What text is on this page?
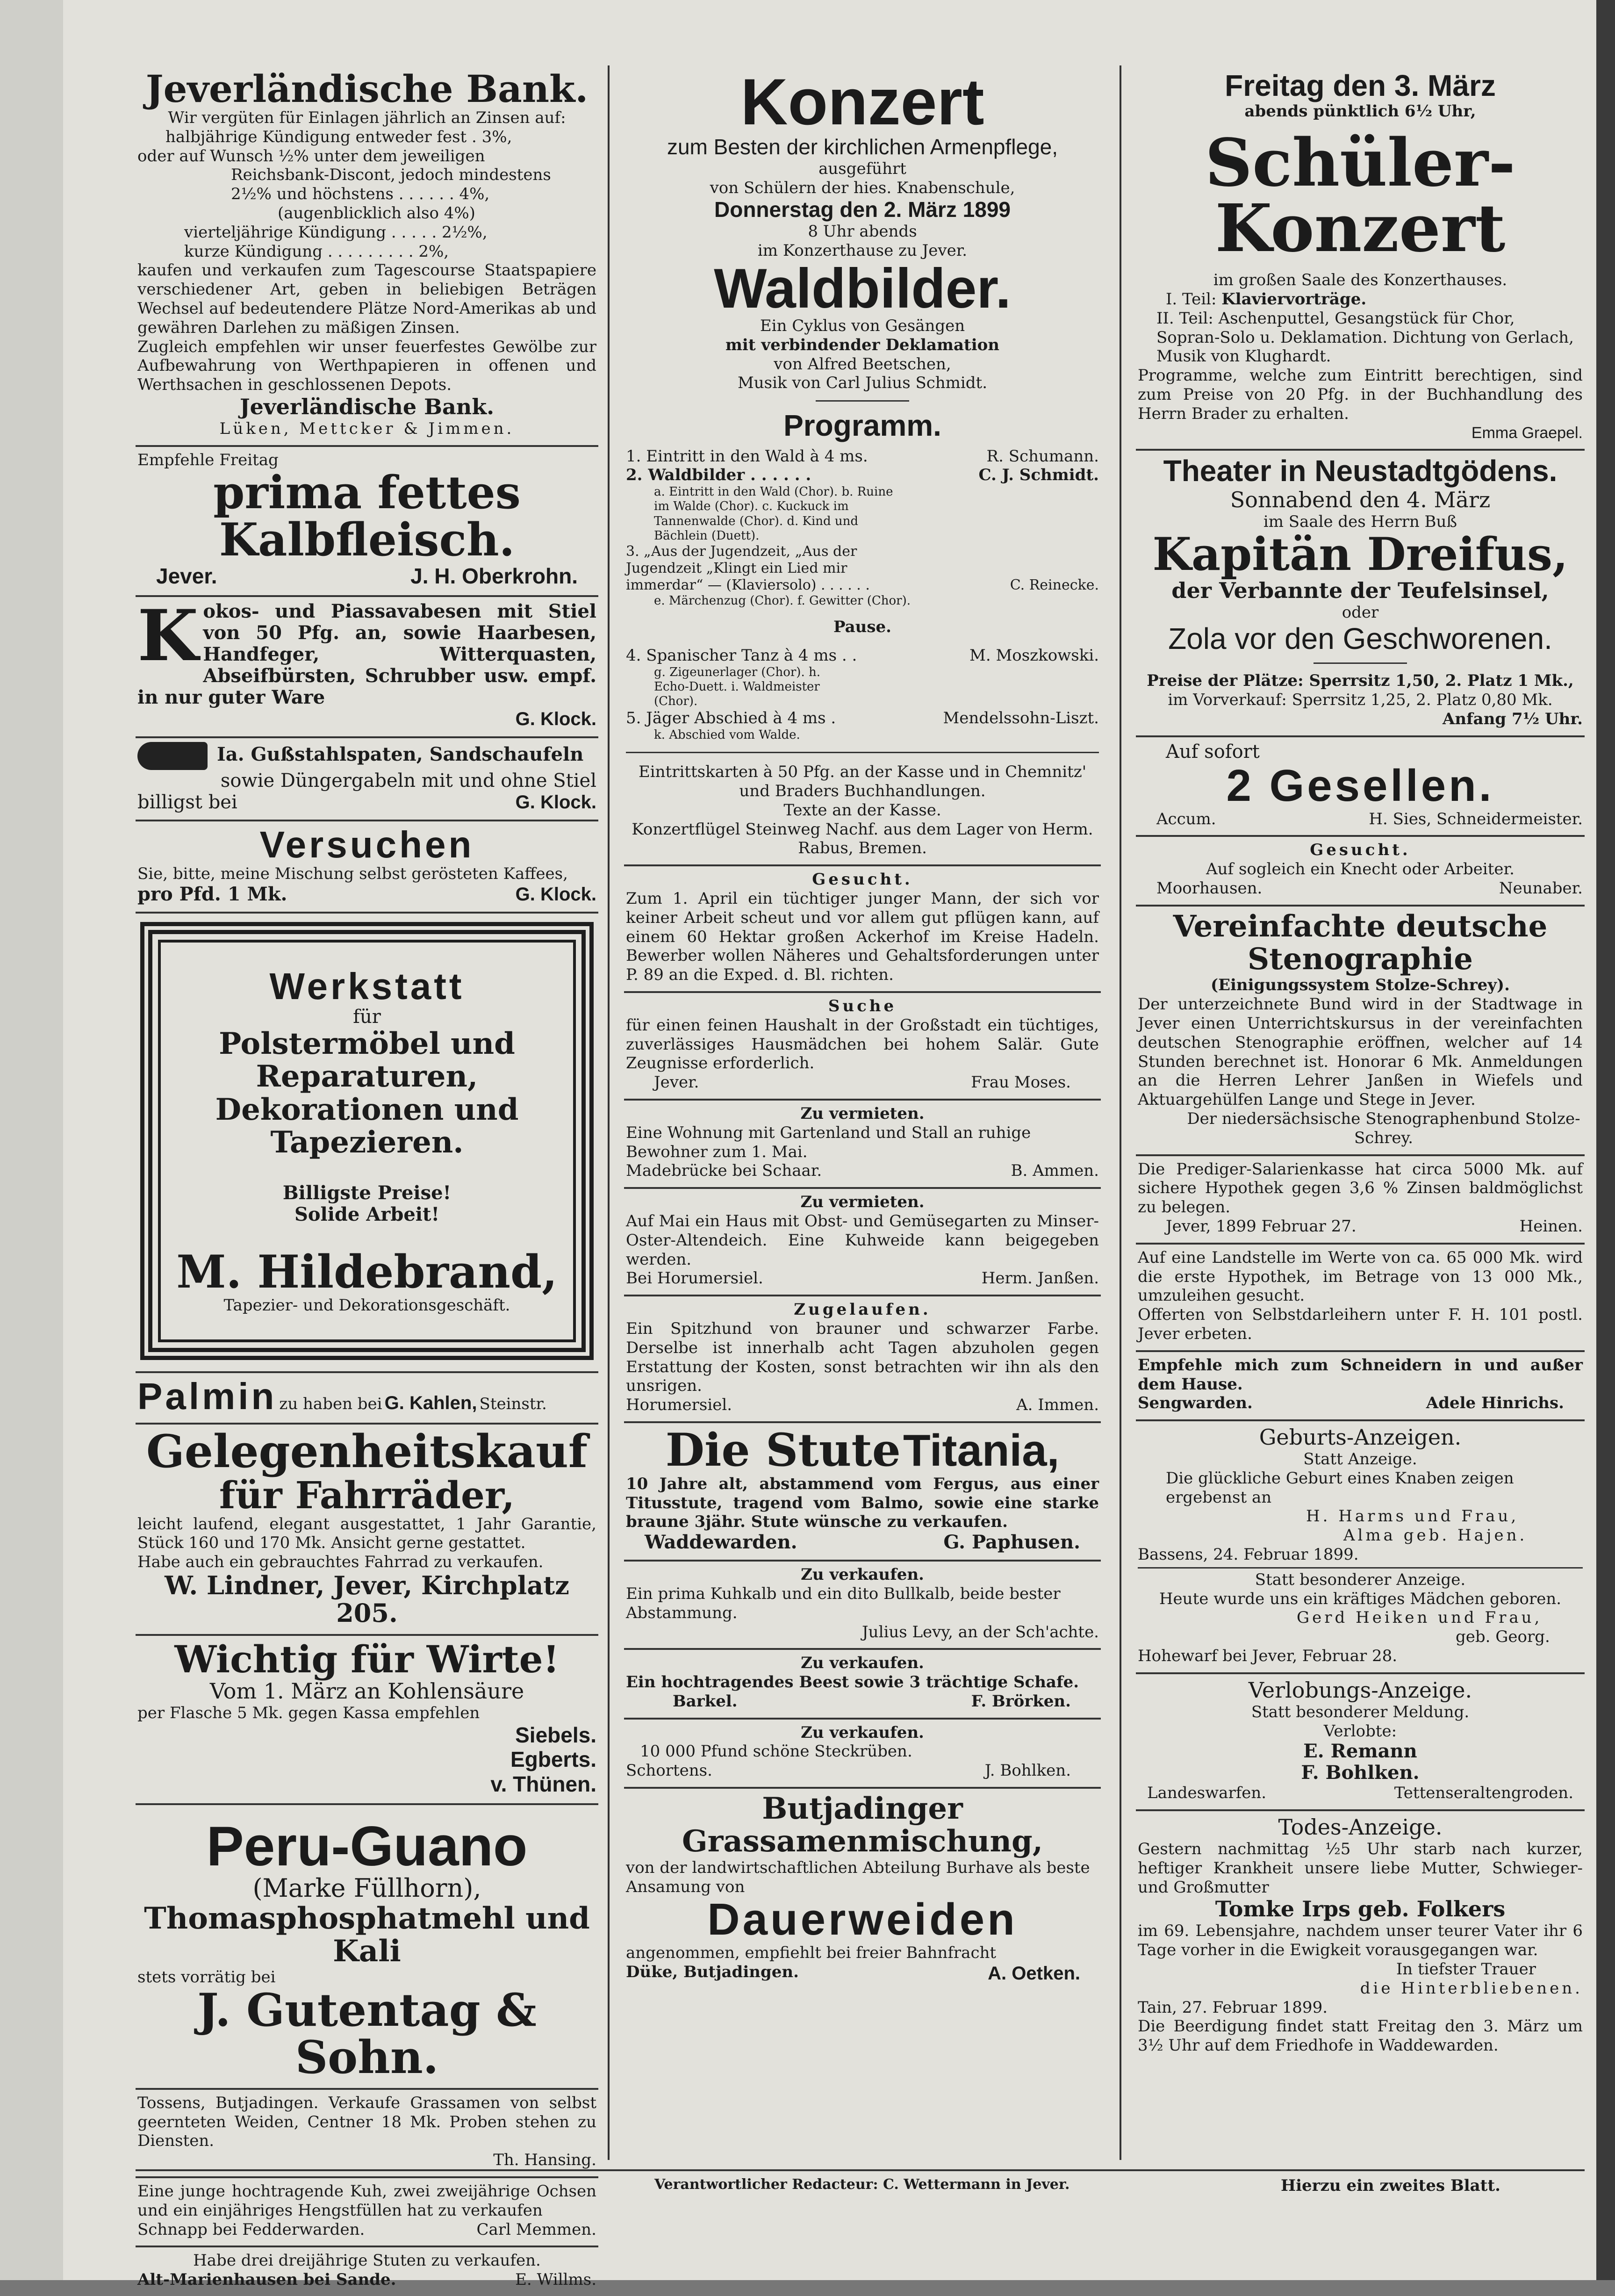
Jeverländische Bank.
Wir vergüten für Einlagen jährlich an Zinsen auf:
halbjährige Kündigung entweder fest . 3%,
oder auf Wunsch ½% unter dem jeweiligen
Reichsbank-Discont, jedoch mindestens
2½% und höchstens . . . . . . 4%,
(augenblicklich also 4%)
vierteljährige Kündigung . . . . . 2½%,
kurze Kündigung . . . . . . . . . 2%,
kaufen und verkaufen zum Tagescourse Staatspapiere verschiedener Art, geben in beliebigen Beträgen Wechsel auf bedeutendere Plätze Nord-Amerikas ab und gewähren Darlehen zu mäßigen Zinsen.
Zugleich empfehlen wir unser feuerfestes Gewölbe zur Aufbewahrung von Werthpapieren in offenen und Werthsachen in geschlossenen Depots.
Jeverländische Bank.
Lüken, Mettcker & Jimmen.
Empfehle Freitag
prima fettes Kalbfleisch.
Jever.	J. H. Oberkrohn.
K okos- und Piassavabesen mit Stiel von 50 Pfg. an, sowie Haarbesen, Handfeger, Witterquasten, Abseifbürsten, Schrubber usw. empf. in nur guter Ware
G. Klock.
Ia. Gußstahlspaten, Sandschaufeln
sowie Düngergabeln mit und ohne Stiel
billigst bei	G. Klock.
Versuchen
Sie, bitte, meine Mischung selbst gerösteten Kaffees,
pro Pfd. 1 Mk.	G. Klock.
Werkstatt
für
Polstermöbel und Reparaturen,
Dekorationen und Tapezieren.
Billigste Preise!
Solide Arbeit!
M. Hildebrand,
Tapezier- und Dekorationsgeschäft.
Palmin zu haben bei G. Kahlen, Steinstr.
Gelegenheitskauf
für Fahrräder,
leicht laufend, elegant ausgestattet, 1 Jahr Garantie, Stück 160 und 170 Mk. Ansicht gerne gestattet.
Habe auch ein gebrauchtes Fahrrad zu verkaufen.
W. Lindner, Jever, Kirchplatz 205.
Wichtig für Wirte!
Vom 1. März an Kohlensäure
per Flasche 5 Mk. gegen Kassa empfehlen
Siebels.
Egberts.
v. Thünen.
Peru-Guano
(Marke Füllhorn),
Thomasphosphatmehl und Kali
stets vorrätig bei
J. Gutentag & Sohn.
Tossens, Butjadingen. Verkaufe Grassamen von selbst geernteten Weiden, Centner 18 Mk. Proben stehen zu Diensten.
Th. Hansing.
Eine junge hochtragende Kuh, zwei zweijährige Ochsen und ein einjähriges Hengstfüllen hat zu verkaufen
Schnapp bei Fedderwarden.	Carl Memmen.
Habe drei dreijährige Stuten zu verkaufen.
Alt-Marienhausen bei Sande.	E. Willms.
Konzert
zum Besten der kirchlichen Armenpflege,
ausgeführt
von Schülern der hies. Knabenschule,
Donnerstag den 2. März 1899
8 Uhr abends
im Konzerthause zu Jever.
Waldbilder.
Ein Cyklus von Gesängen
mit verbindender Deklamation
von Alfred Beetschen,
Musik von Carl Julius Schmidt.
Programm.
1. Eintritt in den Wald à 4 ms.	R. Schumann.
2. Waldbilder . . . . . .	C. J. Schmidt.
a. Eintritt in den Wald (Chor). b. Ruine im Walde (Chor). c. Kuckuck im Tannenwalde (Chor). d. Kind und Bächlein (Duett).
3. „Aus der Jugendzeit, „Aus der Jugendzeit „Klingt ein Lied mir immerdar“ — (Klaviersolo) . . . . . .	C. Reinecke.
e. Märchenzug (Chor). f. Gewitter (Chor).
Pause.
4. Spanischer Tanz à 4 ms . .	M. Moszkowski.
g. Zigeunerlager (Chor). h. Echo-Duett. i. Waldmeister (Chor).
5. Jäger Abschied à 4 ms .	Mendelssohn-Liszt.
k. Abschied vom Walde.
Eintrittskarten à 50 Pfg. an der Kasse und in Chemnitz' und Braders Buchhandlungen.
Texte an der Kasse.
Konzertflügel Steinweg Nachf. aus dem Lager von Herm. Rabus, Bremen.
Gesucht.
Zum 1. April ein tüchtiger junger Mann, der sich vor keiner Arbeit scheut und vor allem gut pflügen kann, auf einem 60 Hektar großen Ackerhof im Kreise Hadeln. Bewerber wollen Näheres und Gehaltsforderungen unter P. 89 an die Exped. d. Bl. richten.
Suche
für einen feinen Haushalt in der Großstadt ein tüchtiges, zuverlässiges Hausmädchen bei hohem Salär. Gute Zeugnisse erforderlich.
Jever.	Frau Moses.
Zu vermieten.
Eine Wohnung mit Gartenland und Stall an ruhige Bewohner zum 1. Mai.
Madebrücke bei Schaar.	B. Ammen.
Zu vermieten.
Auf Mai ein Haus mit Obst- und Gemüsegarten zu Minser-Oster-Altendeich. Eine Kuhweide kann beigegeben werden.
Bei Horumersiel.	Herm. Janßen.
Zugelaufen.
Ein Spitzhund von brauner und schwarzer Farbe. Derselbe ist innerhalb acht Tagen abzuholen gegen Erstattung der Kosten, sonst betrachten wir ihn als den unsrigen.
Horumersiel.	A. Immen.
Die Stute Titania,
10 Jahre alt, abstammend vom Fergus, aus einer Titusstute, tragend vom Balmo, sowie eine starke braune 3jähr. Stute wünsche zu verkaufen.
Waddewarden.	G. Paphusen.
Zu verkaufen.
Ein prima Kuhkalb und ein dito Bullkalb, beide bester Abstammung.
Julius Levy, an der Sch'achte.
Zu verkaufen.
Ein hochtragendes Beest sowie 3 trächtige Schafe.
Barkel.	F. Brörken.
Zu verkaufen.
10 000 Pfund schöne Steckrüben.
Schortens.	J. Bohlken.
Butjadinger Grassamenmischung,
von der landwirtschaftlichen Abteilung Burhave als beste Ansamung von
Dauerweiden
angenommen, empfiehlt bei freier Bahnfracht
Düke, Butjadingen.	A. Oetken.
Freitag den 3. März
abends pünktlich 6½ Uhr,
Schüler-Konzert
im großen Saale des Konzerthauses.
I. Teil: Klaviervorträge.
II. Teil: Aschenputtel, Gesangstück für Chor, Sopran-Solo u. Deklamation. Dichtung von Gerlach, Musik von Klughardt.
Programme, welche zum Eintritt berechtigen, sind zum Preise von 20 Pfg. in der Buchhandlung des Herrn Brader zu erhalten.
Emma Graepel.
Theater in Neustadtgödens.
Sonnabend den 4. März
im Saale des Herrn Buß
Kapitän Dreifus,
der Verbannte der Teufelsinsel,
oder
Zola vor den Geschworenen.
Preise der Plätze: Sperrsitz 1,50, 2. Platz 1 Mk.,
im Vorverkauf: Sperrsitz 1,25, 2. Platz 0,80 Mk.
Anfang 7½ Uhr.
Auf sofort
2 Gesellen.
Accum.	H. Sies, Schneidermeister.
Gesucht.
Auf sogleich ein Knecht oder Arbeiter.
Moorhausen.	Neunaber.
Vereinfachte deutsche Stenographie
(Einigungssystem Stolze-Schrey).
Der unterzeichnete Bund wird in der Stadtwage in Jever einen Unterrichtskursus in der vereinfachten deutschen Stenographie eröffnen, welcher auf 14 Stunden berechnet ist. Honorar 6 Mk. Anmeldungen an die Herren Lehrer Janßen in Wiefels und Aktuargehülfen Lange und Stege in Jever.
Der niedersächsische Stenographenbund Stolze-Schrey.
Die Prediger-Salarienkasse hat circa 5000 Mk. auf sichere Hypothek gegen 3,6 % Zinsen baldmöglichst zu belegen.
Jever, 1899 Februar 27.	Heinen.
Auf eine Landstelle im Werte von ca. 65 000 Mk. wird die erste Hypothek, im Betrage von 13 000 Mk., umzuleihen gesucht.
Offerten von Selbstdarleihern unter F. H. 101 postl. Jever erbeten.
Empfehle mich zum Schneidern in und außer dem Hause.
Sengwarden.	Adele Hinrichs.
Geburts-Anzeigen.
Statt Anzeige.
Die glückliche Geburt eines Knaben zeigen ergebenst an
H. Harms und Frau,
Alma geb. Hajen.
Bassens, 24. Februar 1899.
Statt besonderer Anzeige.
Heute wurde uns ein kräftiges Mädchen geboren.
Gerd Heiken und Frau,
geb. Georg.
Hohewarf bei Jever, Februar 28.
Verlobungs-Anzeige.
Statt besonderer Meldung.
Verlobte:
E. Remann
F. Bohlken.
Landeswarfen.	Tettenseraltengroden.
Todes-Anzeige.
Gestern nachmittag ½5 Uhr starb nach kurzer, heftiger Krankheit unsere liebe Mutter, Schwieger- und Großmutter
Tomke Irps geb. Folkers
im 69. Lebensjahre, nachdem unser teurer Vater ihr 6 Tage vorher in die Ewigkeit vorausgegangen war.
In tiefster Trauer
die Hinterbliebenen.
Tain, 27. Februar 1899.
Die Beerdigung findet statt Freitag den 3. März um 3½ Uhr auf dem Friedhofe in Waddewarden.
Verantwortlicher Redacteur: C. Wettermann in Jever.	Hierzu ein zweites Blatt.
